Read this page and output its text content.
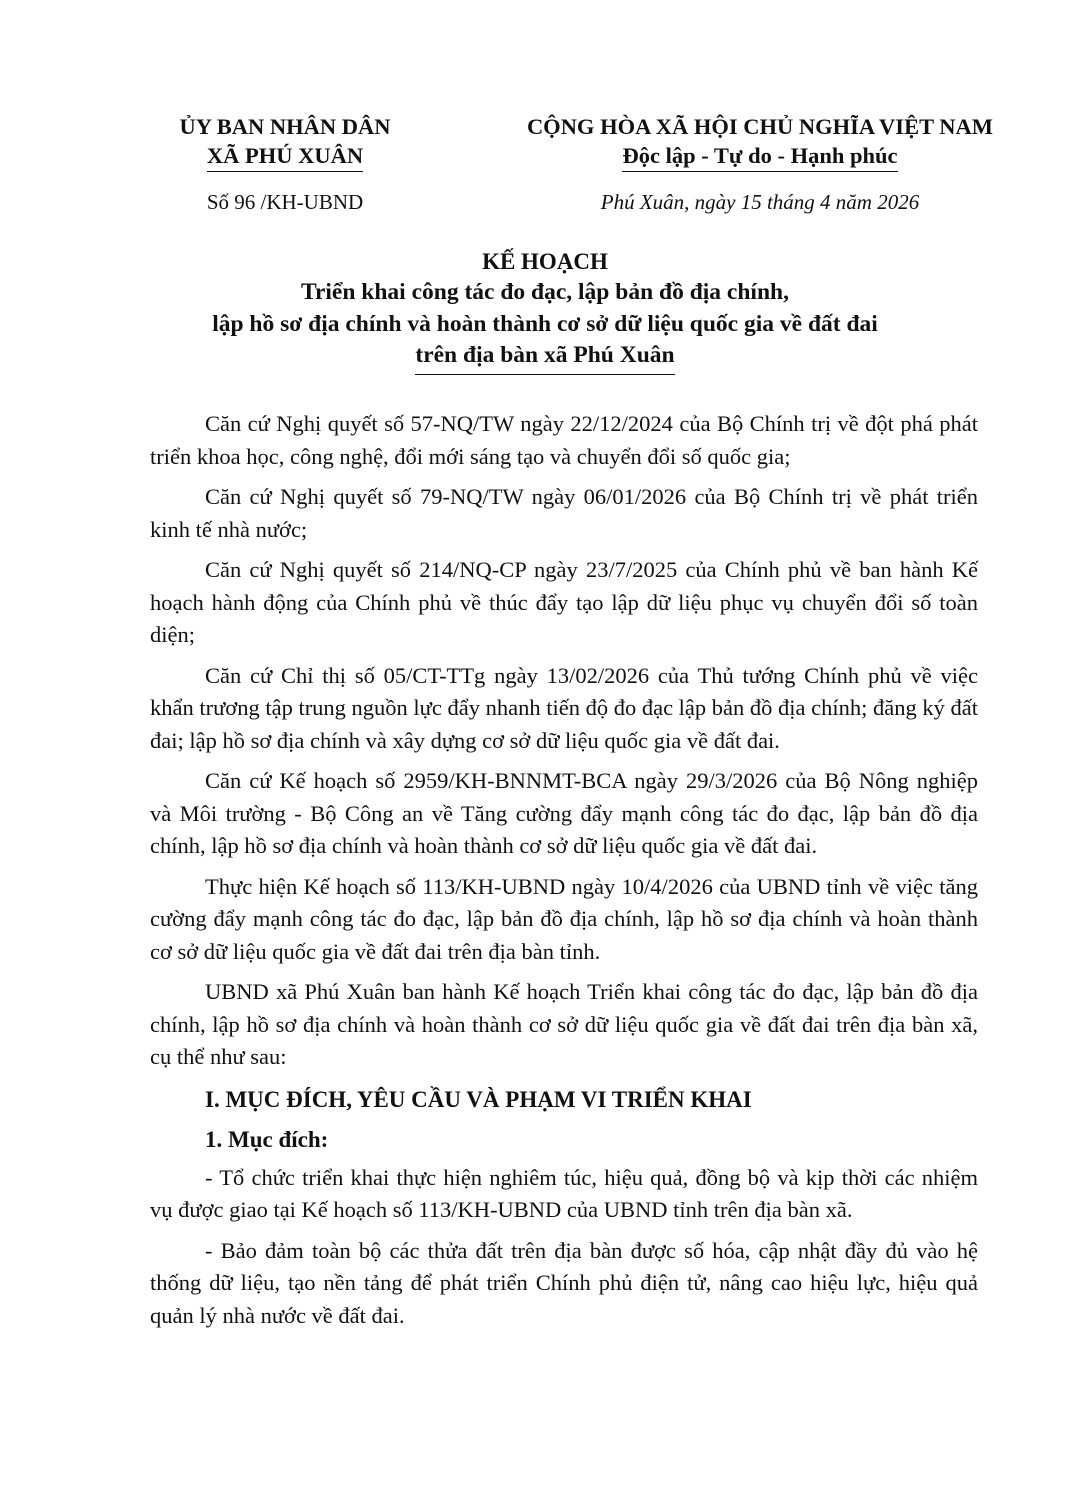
ỦY BAN NHÂN DÂN

XÃ PHÚ XUÂN

Số 96 /KH-UBND

CỘNG HÒA XÃ HỘI CHỦ NGHĨA VIỆT NAM

Độc lập - Tự do - Hạnh phúc

Phú Xuân, ngày 15 tháng 4 năm 2026

KẾ HOẠCH

Triển khai công tác đo đạc, lập bản đồ địa chính,

lập hồ sơ địa chính và hoàn thành cơ sở dữ liệu quốc gia về đất đai

trên địa bàn xã Phú Xuân

Căn cứ Nghị quyết số 57-NQ/TW ngày 22/12/2024 của Bộ Chính trị về đột phá phát triển khoa học, công nghệ, đổi mới sáng tạo và chuyển đổi số quốc gia;

Căn cứ Nghị quyết số 79-NQ/TW ngày 06/01/2026 của Bộ Chính trị về phát triển kinh tế nhà nước;

Căn cứ Nghị quyết số 214/NQ-CP ngày 23/7/2025 của Chính phủ về ban hành Kế hoạch hành động của Chính phủ về thúc đẩy tạo lập dữ liệu phục vụ chuyển đổi số toàn diện;

Căn cứ Chỉ thị số 05/CT-TTg ngày 13/02/2026 của Thủ tướng Chính phủ về việc khẩn trương tập trung nguồn lực đẩy nhanh tiến độ đo đạc lập bản đồ địa chính; đăng ký đất đai; lập hồ sơ địa chính và xây dựng cơ sở dữ liệu quốc gia về đất đai.

Căn cứ Kế hoạch số 2959/KH-BNNMT-BCA ngày 29/3/2026 của Bộ Nông nghiệp và Môi trường - Bộ Công an về Tăng cường đẩy mạnh công tác đo đạc, lập bản đồ địa chính, lập hồ sơ địa chính và hoàn thành cơ sở dữ liệu quốc gia về đất đai.

Thực hiện Kế hoạch số 113/KH-UBND ngày 10/4/2026 của UBND tỉnh về việc tăng cường đẩy mạnh công tác đo đạc, lập bản đồ địa chính, lập hồ sơ địa chính và hoàn thành cơ sở dữ liệu quốc gia về đất đai trên địa bàn tỉnh.

UBND xã Phú Xuân ban hành Kế hoạch Triển khai công tác đo đạc, lập bản đồ địa chính, lập hồ sơ địa chính và hoàn thành cơ sở dữ liệu quốc gia về đất đai trên địa bàn xã, cụ thể như sau:

I. MỤC ĐÍCH, YÊU CẦU VÀ PHẠM VI TRIỂN KHAI
1. Mục đích:

- Tổ chức triển khai thực hiện nghiêm túc, hiệu quả, đồng bộ và kịp thời các nhiệm vụ được giao tại Kế hoạch số 113/KH-UBND của UBND tỉnh trên địa bàn xã.

- Bảo đảm toàn bộ các thửa đất trên địa bàn được số hóa, cập nhật đầy đủ vào hệ thống dữ liệu, tạo nền tảng để phát triển Chính phủ điện tử, nâng cao hiệu lực, hiệu quả quản lý nhà nước về đất đai.
